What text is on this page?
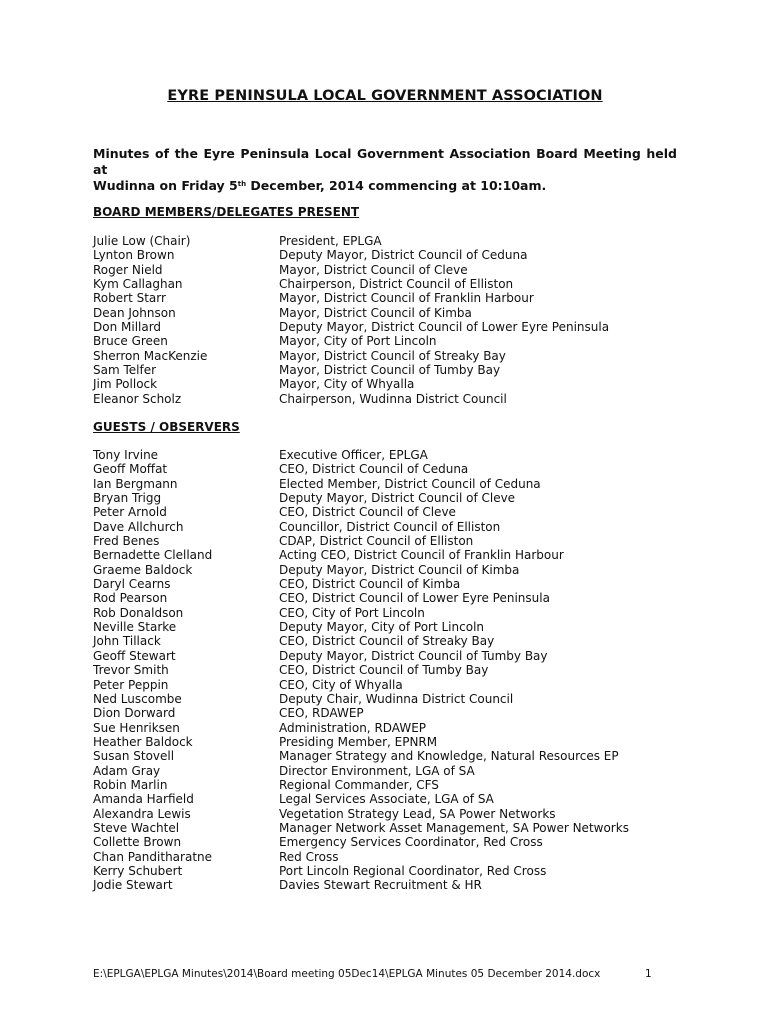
EYRE PENINSULA LOCAL GOVERNMENT ASSOCIATION
Minutes of the Eyre Peninsula Local Government Association Board Meeting held at
Wudinna on Friday 5th December, 2014 commencing at 10:10am.
BOARD MEMBERS/DELEGATES PRESENT
Julie Low (Chair)	President, EPLGA
Lynton Brown	Deputy Mayor, District Council of Ceduna
Roger Nield	Mayor, District Council of Cleve
Kym Callaghan	Chairperson, District Council of Elliston
Robert Starr	Mayor, District Council of Franklin Harbour
Dean Johnson	Mayor, District Council of Kimba
Don Millard	Deputy Mayor, District Council of Lower Eyre Peninsula
Bruce Green	Mayor, City of Port Lincoln
Sherron MacKenzie	Mayor, District Council of Streaky Bay
Sam Telfer	Mayor, District Council of Tumby Bay
Jim Pollock	Mayor, City of Whyalla
Eleanor Scholz	Chairperson, Wudinna District Council
GUESTS / OBSERVERS
Tony Irvine	Executive Officer, EPLGA
Geoff Moffat	CEO, District Council of Ceduna
Ian Bergmann	Elected Member, District Council of Ceduna
Bryan Trigg	Deputy Mayor, District Council of Cleve
Peter Arnold	CEO, District Council of Cleve
Dave Allchurch	Councillor, District Council of Elliston
Fred Benes	CDAP, District Council of Elliston
Bernadette Clelland	Acting CEO, District Council of Franklin Harbour
Graeme Baldock	Deputy Mayor, District Council of Kimba
Daryl Cearns	CEO, District Council of Kimba
Rod Pearson	CEO, District Council of Lower Eyre Peninsula
Rob Donaldson	CEO, City of Port Lincoln
Neville Starke	Deputy Mayor, City of Port Lincoln
John Tillack	CEO, District Council of Streaky Bay
Geoff Stewart	Deputy Mayor, District Council of Tumby Bay
Trevor Smith	CEO, District Council of Tumby Bay
Peter Peppin	CEO, City of Whyalla
Ned Luscombe	Deputy Chair, Wudinna District Council
Dion Dorward	CEO, RDAWEP
Sue Henriksen	Administration, RDAWEP
Heather Baldock	Presiding Member, EPNRM
Susan Stovell	Manager Strategy and Knowledge, Natural Resources EP
Adam Gray	Director Environment, LGA of SA
Robin Marlin	Regional Commander, CFS
Amanda Harfield	Legal Services Associate, LGA of SA
Alexandra Lewis	Vegetation Strategy Lead, SA Power Networks
Steve Wachtel	Manager Network Asset Management, SA Power Networks
Collette Brown	Emergency Services Coordinator, Red Cross
Chan Panditharatne	Red Cross
Kerry Schubert	Port Lincoln Regional Coordinator, Red Cross
Jodie Stewart	Davies Stewart Recruitment & HR
E:\EPLGA\EPLGA Minutes\2014\Board meeting 05Dec14\EPLGA Minutes 05 December 2014.docx	1
